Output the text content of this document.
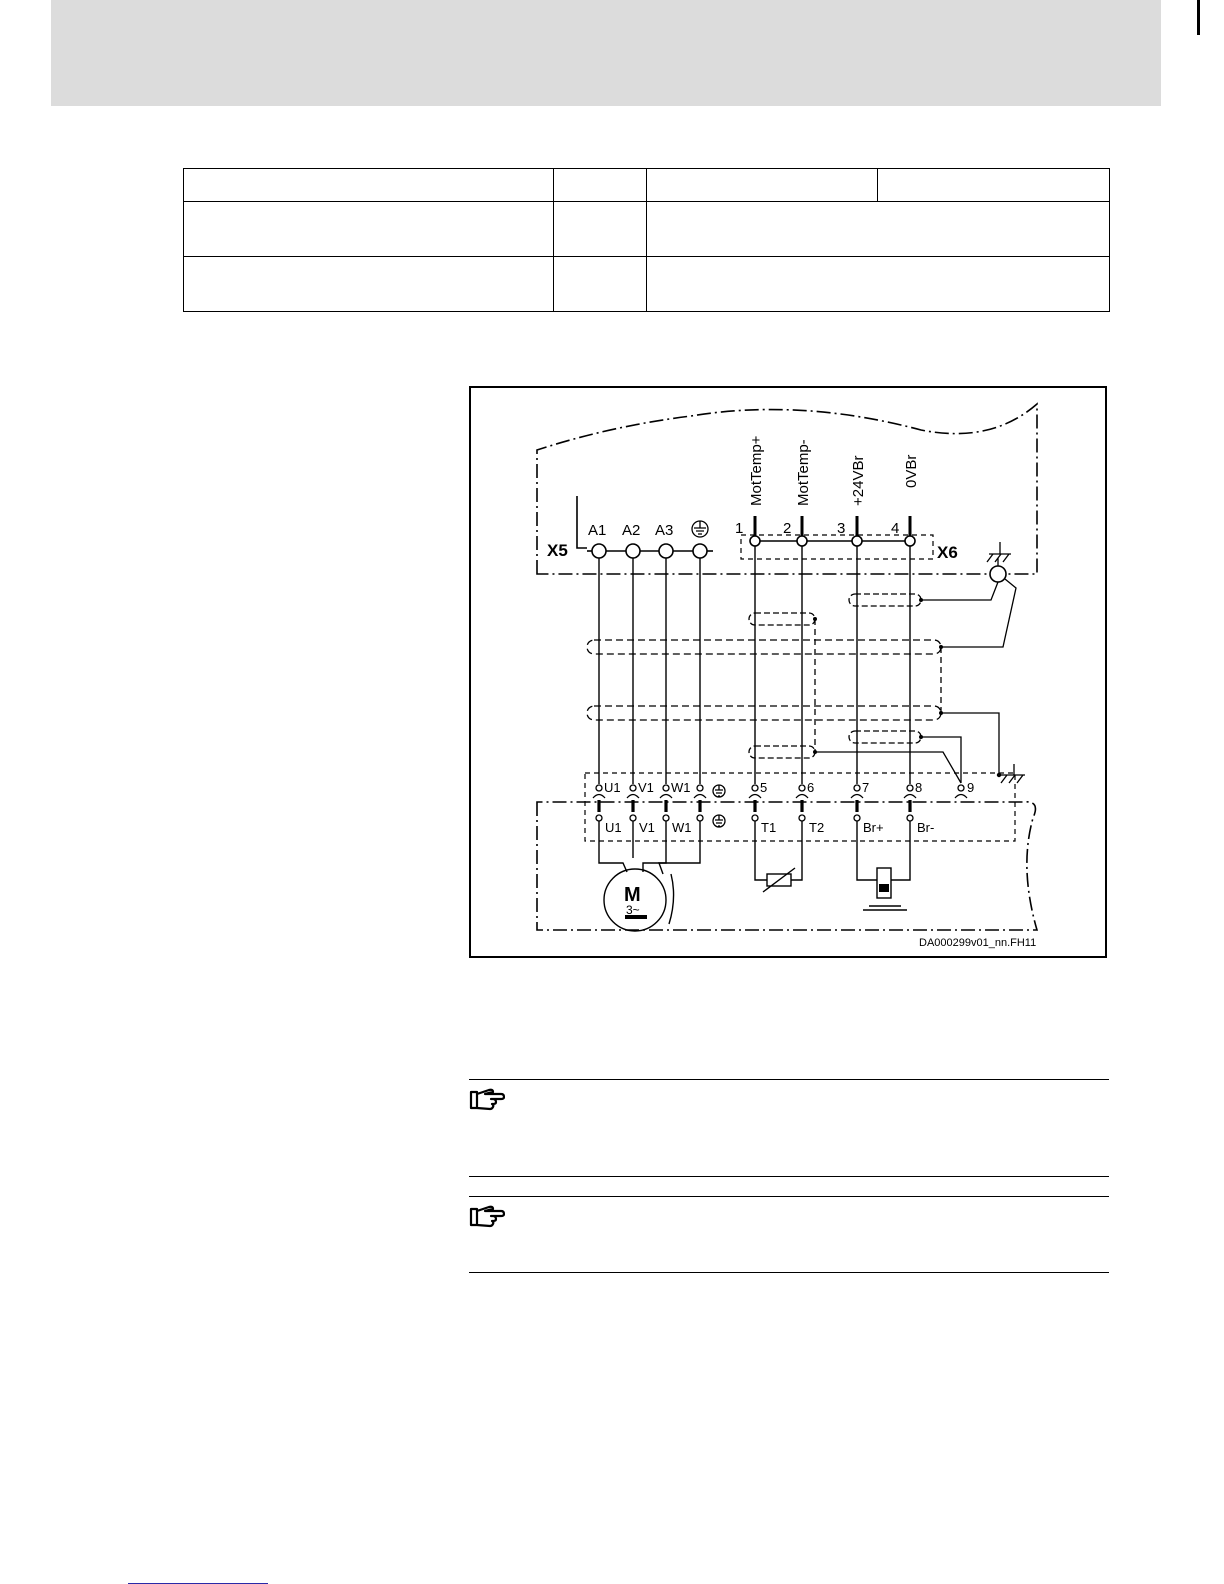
X5
A1 A2 A3
X6
1	2	3	4
MotTemp+ MotTemp-	+24VBr 0VBr
U1 V1 W1	5	6	7	8	9
U1 V1 W1	T1	T2	Br+	Br-
M
3~
DA000299v01_nn.FH11
